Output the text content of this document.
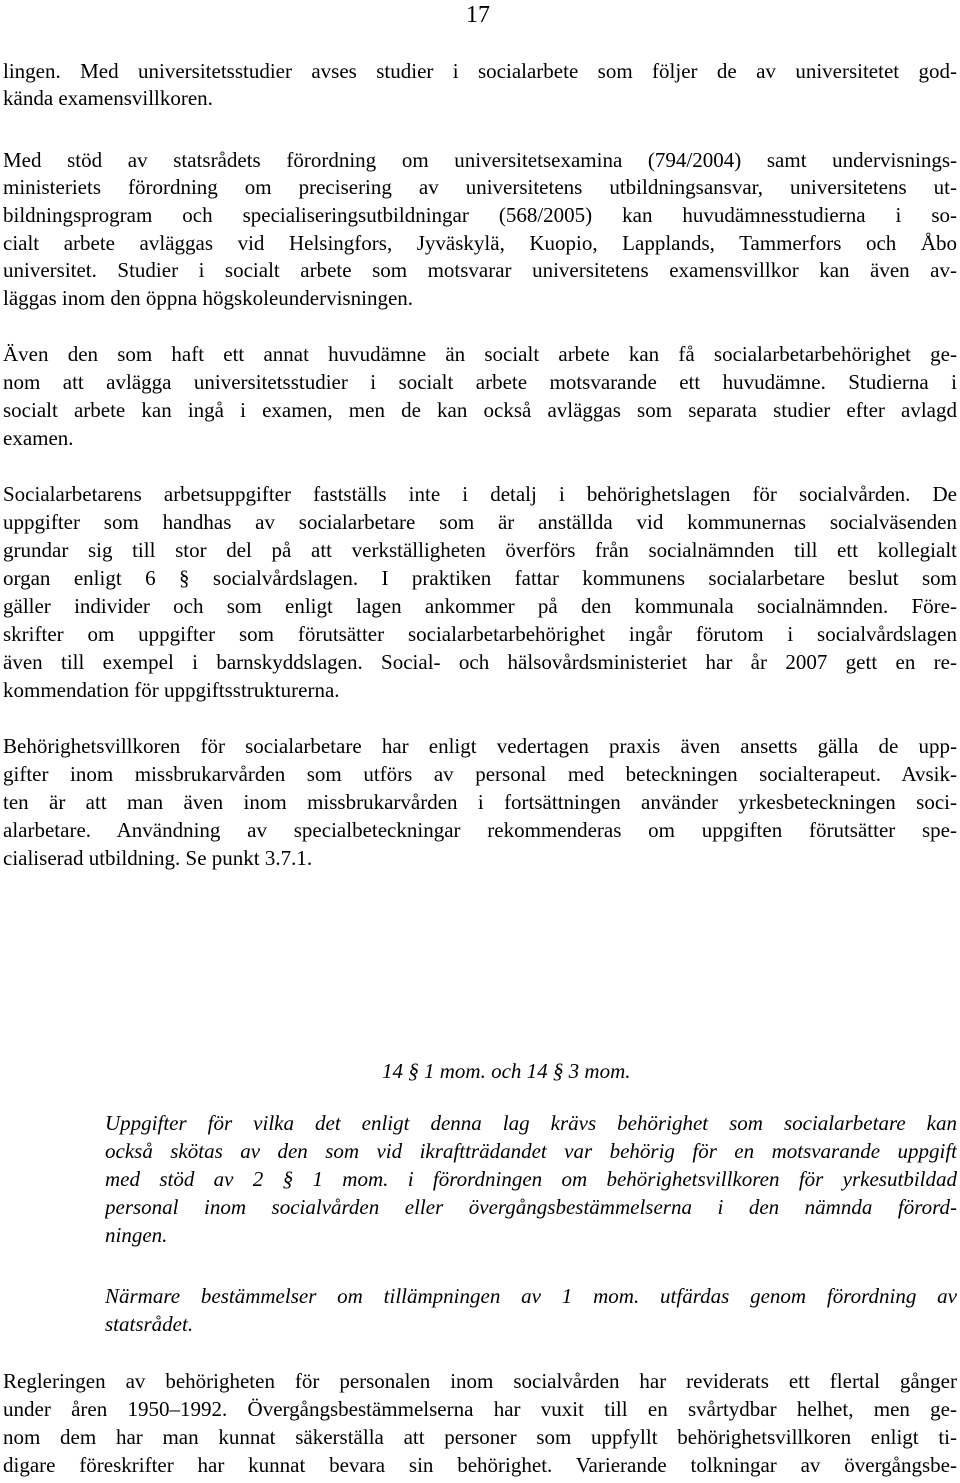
17
lingen. Med universitetsstudier avses studier i socialarbete som följer de av universitetet god-
kända examensvillkoren.
Med stöd av statsrådets förordning om universitetsexamina (794/2004) samt undervisnings-
ministeriets förordning om precisering av universitetens utbildningsansvar, universitetens ut-
bildningsprogram och specialiseringsutbildningar (568/2005) kan huvudämnesstudierna i so-
cialt arbete avläggas vid Helsingfors, Jyväskylä, Kuopio, Lapplands, Tammerfors och Åbo
universitet. Studier i socialt arbete som motsvarar universitetens examensvillkor kan även av-
läggas inom den öppna högskoleundervisningen.
Även den som haft ett annat huvudämne än socialt arbete kan få socialarbetarbehörighet ge-
nom att avlägga universitetsstudier i socialt arbete motsvarande ett huvudämne. Studierna i
socialt arbete kan ingå i examen, men de kan också avläggas som separata studier efter avlagd
examen.
Socialarbetarens arbetsuppgifter fastställs inte i detalj i behörighetslagen för socialvården. De
uppgifter som handhas av socialarbetare som är anställda vid kommunernas socialväsenden
grundar sig till stor del på att verkställigheten överförs från socialnämnden till ett kollegialt
organ enligt 6 § socialvårdslagen. I praktiken fattar kommunens socialarbetare beslut som
gäller individer och som enligt lagen ankommer på den kommunala socialnämnden. Före-
skrifter om uppgifter som förutsätter socialarbetarbehörighet ingår förutom i socialvårdslagen
även till exempel i barnskyddslagen. Social- och hälsovårdsministeriet har år 2007 gett en re-
kommendation för uppgiftsstrukturerna.
Behörighetsvillkoren för socialarbetare har enligt vedertagen praxis även ansetts gälla de upp-
gifter inom missbrukarvården som utförs av personal med beteckningen socialterapeut. Avsik-
ten är att man även inom missbrukarvården i fortsättningen använder yrkesbeteckningen soci-
alarbetare. Användning av specialbeteckningar rekommenderas om uppgiften förutsätter spe-
cialiserad utbildning. Se punkt 3.7.1.
14 § 1 mom. och 14 § 3 mom.
Uppgifter för vilka det enligt denna lag krävs behörighet som socialarbetare kan
också skötas av den som vid ikraftträdandet var behörig för en motsvarande uppgift
med stöd av 2 § 1 mom. i förordningen om behörighetsvillkoren för yrkesutbildad
personal inom socialvården eller övergångsbestämmelserna i den nämnda förord-
ningen.
Närmare bestämmelser om tillämpningen av 1 mom. utfärdas genom förordning av
statsrådet.
Regleringen av behörigheten för personalen inom socialvården har reviderats ett flertal gånger
under åren 1950–1992. Övergångsbestämmelserna har vuxit till en svårtydbar helhet, men ge-
nom dem har man kunnat säkerställa att personer som uppfyllt behörighetsvillkoren enligt ti-
digare föreskrifter har kunnat bevara sin behörighet. Varierande tolkningar av övergångsbe-
